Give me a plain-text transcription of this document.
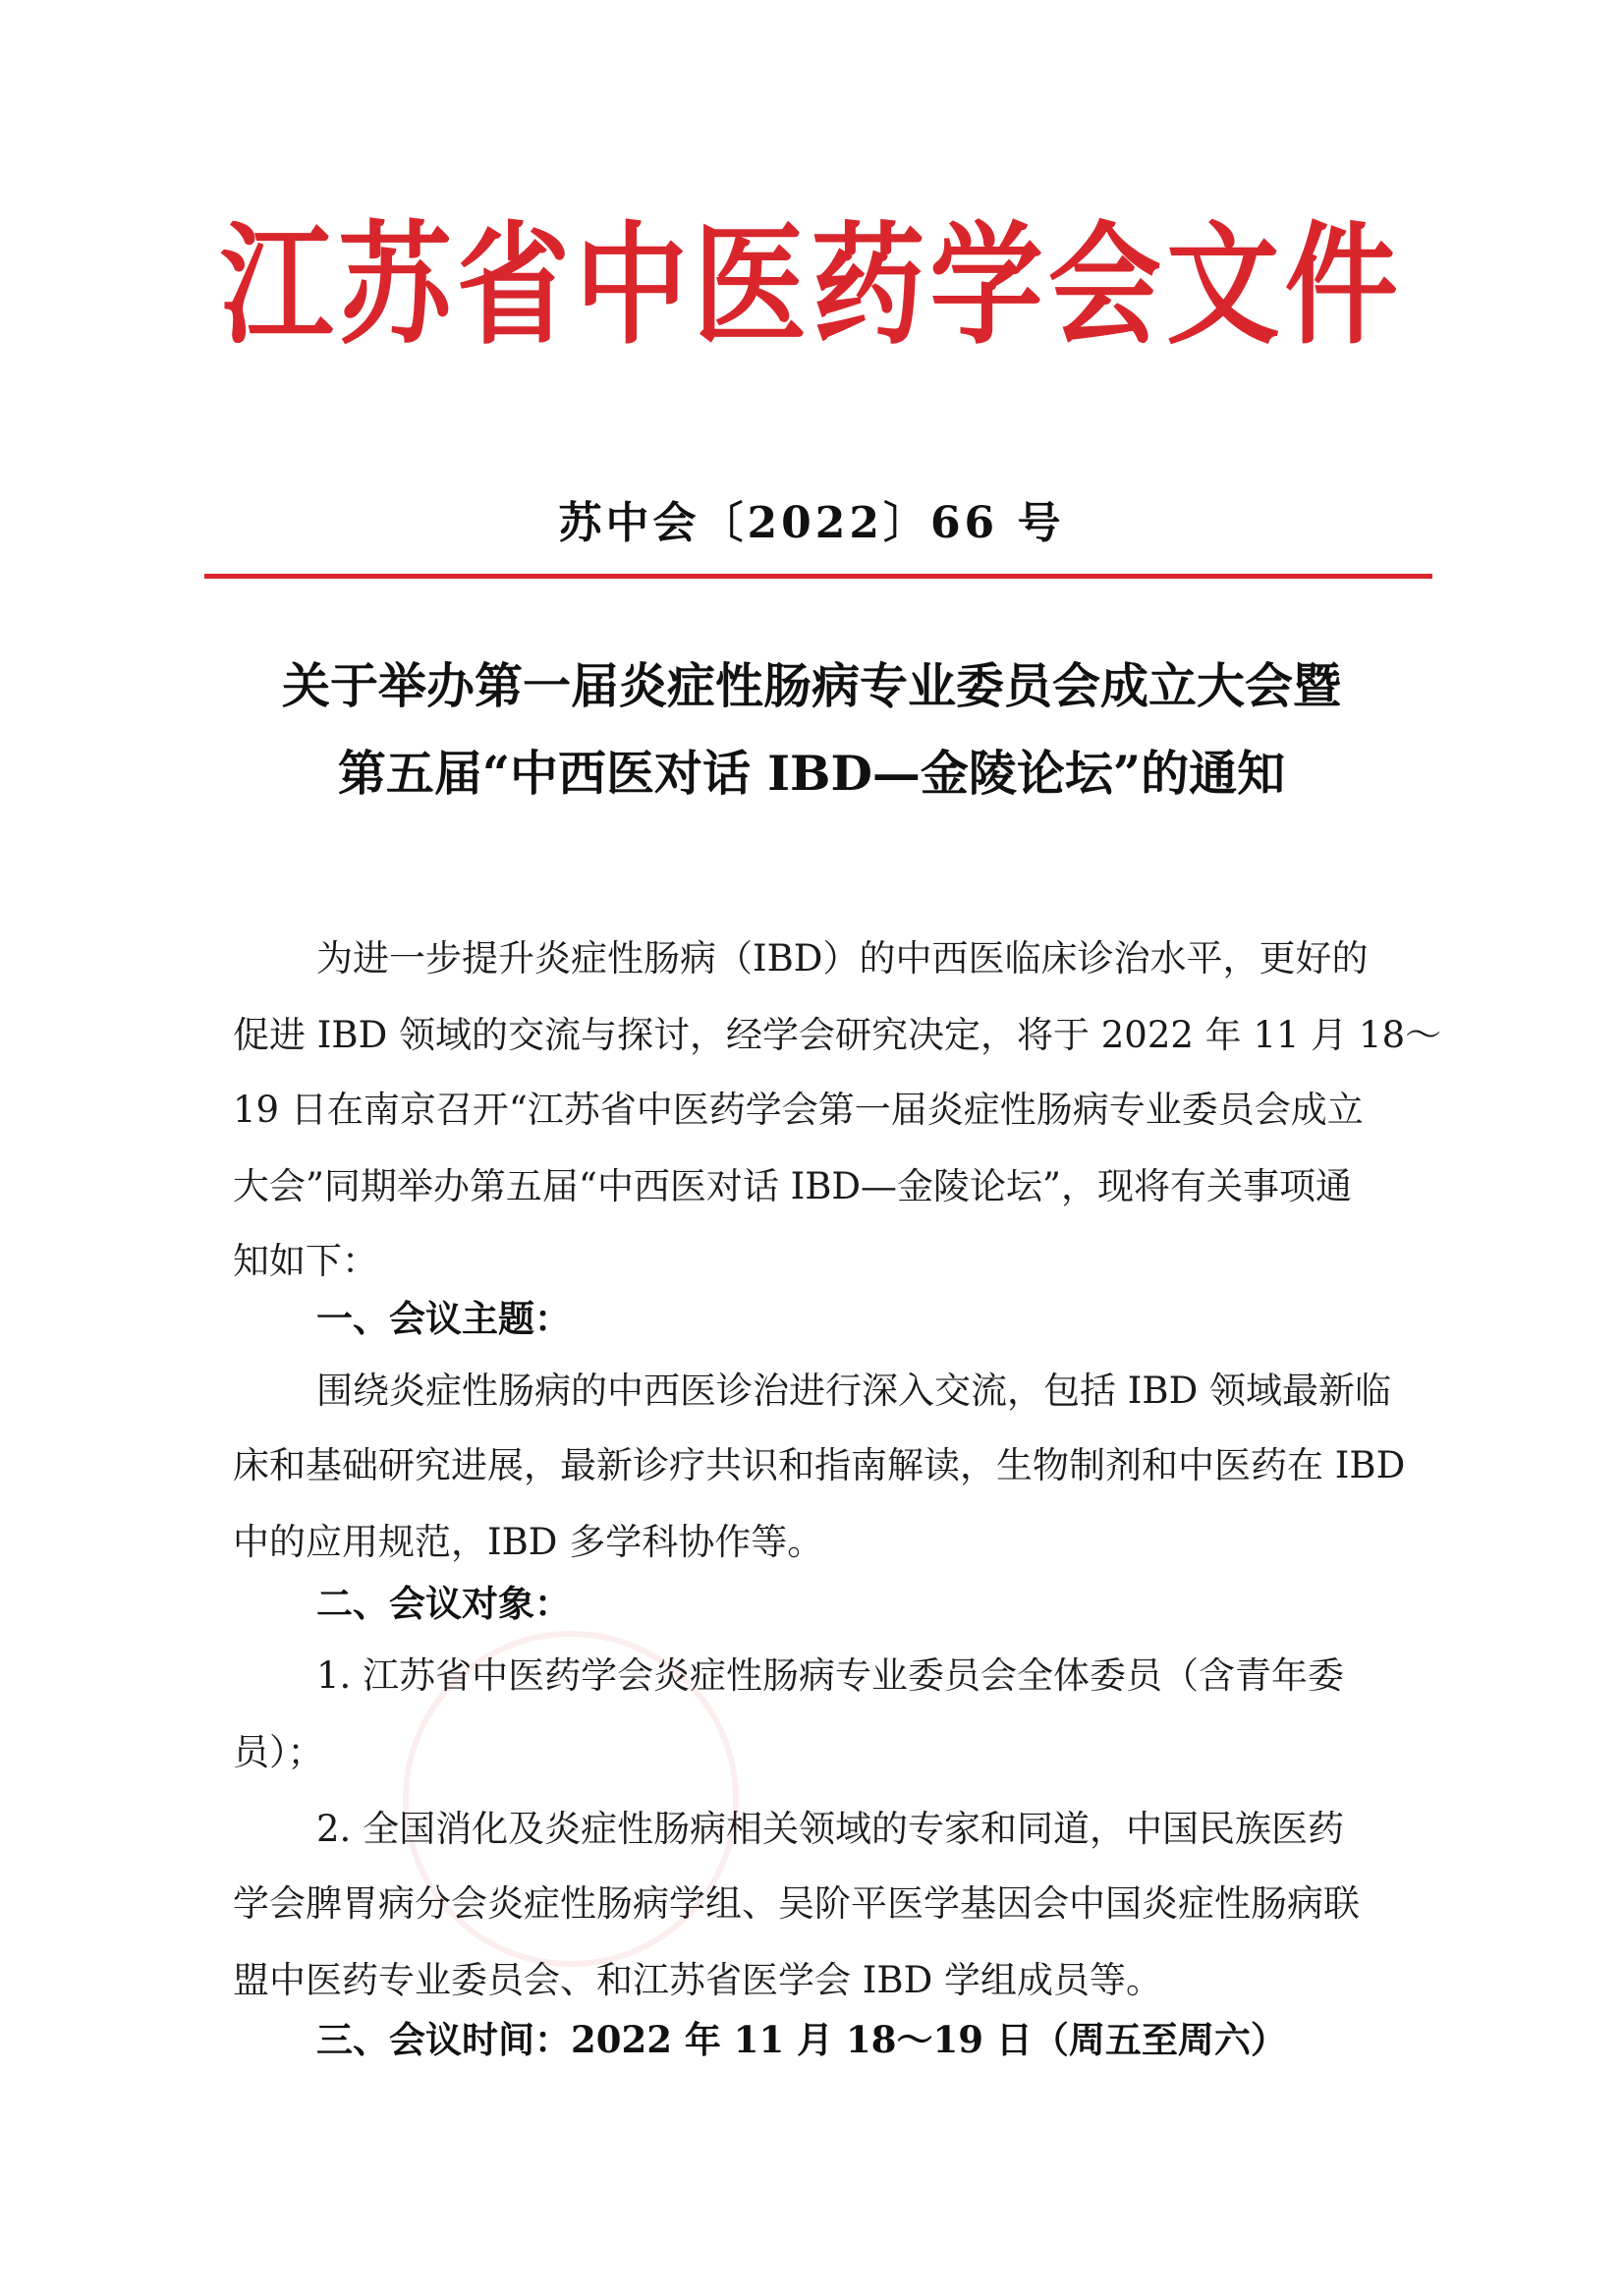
江苏省中医药学会文件
苏中会〔2022〕66 号
关于举办第一届炎症性肠病专业委员会成立大会暨
第五届“中西医对话 IBD—金陵论坛”的通知
为进一步提升炎症性肠病（IBD）的中西医临床诊治水平，更好的
促进 IBD 领域的交流与探讨，经学会研究决定，将于 2022 年 11 月 18～
19 日在南京召开“江苏省中医药学会第一届炎症性肠病专业委员会成立
大会”同期举办第五届“中西医对话 IBD—金陵论坛”，现将有关事项通
知如下：
一、会议主题：
围绕炎症性肠病的中西医诊治进行深入交流，包括 IBD 领域最新临
床和基础研究进展，最新诊疗共识和指南解读，生物制剂和中医药在 IBD
中的应用规范，IBD 多学科协作等。
二、会议对象：
1. 江苏省中医药学会炎症性肠病专业委员会全体委员（含青年委
员）；
2. 全国消化及炎症性肠病相关领域的专家和同道，中国民族医药
学会脾胃病分会炎症性肠病学组、吴阶平医学基因会中国炎症性肠病联
盟中医药专业委员会、和江苏省医学会 IBD 学组成员等。
三、会议时间：2022 年 11 月 18～19 日（周五至周六）
